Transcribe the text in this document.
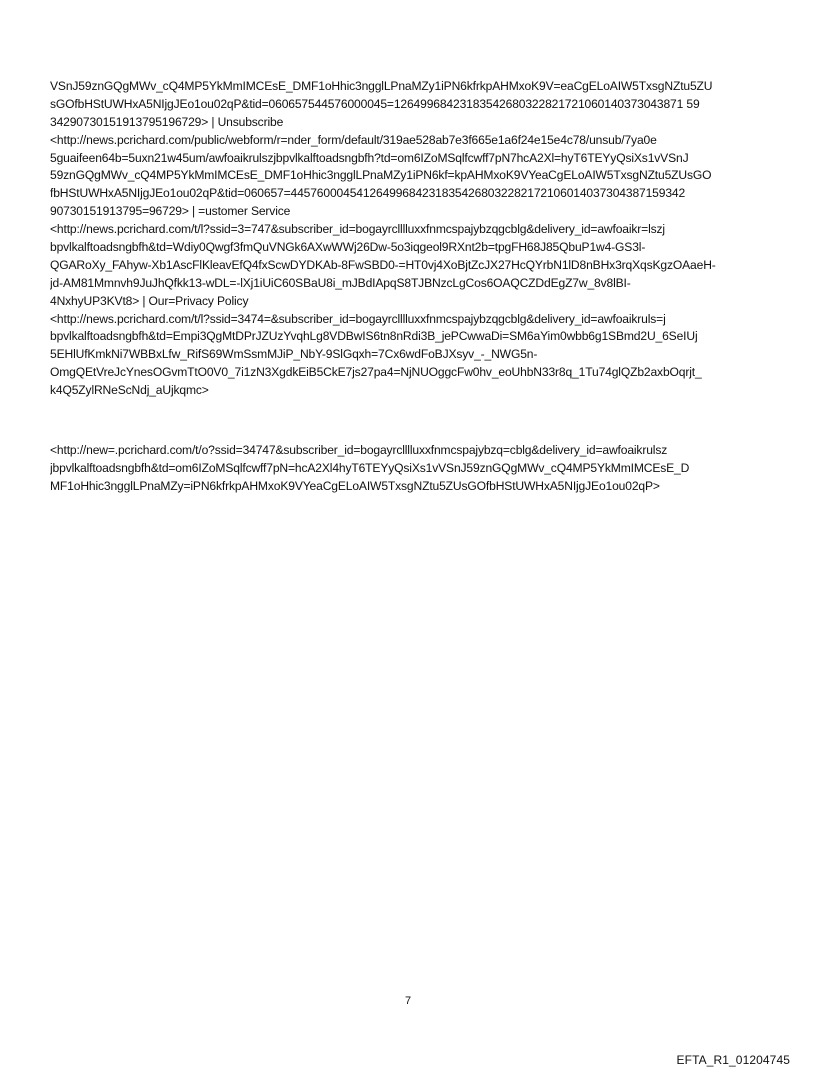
VSnJ59znGQgMWv_cQ4MP5YkMmIMCEsE_DMF1oHhic3ngglLPnaMZy1iPN6kfrkpAHMxoK9V=eaCgELoAIW5TxsgNZtu5ZU
sGOfbHStUWHxA5NIjgJEo1ou02qP&tid=060657544576000045=12649968423183542680322821721060140373043871 59
34290730151913795196729> | Unsubscribe
<http://news.pcrichard.com/public/webform/r=nder_form/default/319ae528ab7e3f665e1a6f24e15e4c78/unsub/7ya0e
5guaifeen64b=5uxn21w45um/awfoaikrulszjbpvlkalftoadsngbfh?td=om6IZoMSqlfcwff7pN7hcA2Xl=hyT6TEYyQsiXs1vVSnJ
59znGQgMWv_cQ4MP5YkMmIMCEsE_DMF1oHhic3ngglLPnaMZy1iPN6kf=kpAHMxoK9VYeaCgELoAIW5TxsgNZtu5ZUsGO
fbHStUWHxA5NIjgJEo1ou02qP&tid=060657=445760004541264996842318354268032282172106014037304387159342
90730151913795=96729> | =ustomer Service
<http://news.pcrichard.com/t/l?ssid=3=747&subscriber_id=bogayrclllluxxfnmcspajybzqgcblg&delivery_id=awfoaikr=lszj
bpvlkalftoadsngbfh&td=Wdiy0Qwgf3fmQuVNGk6AXwWWj26Dw-5o3iqgeol9RXnt2b=tpgFH68J85QbuP1w4-GS3l-
QGARoXy_FAhyw-Xb1AscFlKleavEfQ4fxScwDYDKAb-8FwSBD0-=HT0vj4XoBjtZcJX27HcQYrbN1lD8nBHx3rqXqsKgzOAaeH-
jd-AM81Mmnvh9JuJhQfkk13-wDL=-lXj1iUiC60SBaU8i_mJBdIApqS8TJBNzcLgCos6OAQCZDdEgZ7w_8v8lBI-
4NxhyUP3KVt8> | Our=Privacy Policy
<http://news.pcrichard.com/t/l?ssid=3474=&subscriber_id=bogayrclllluxxfnmcspajybzqgcblg&delivery_id=awfoaikruls=j
bpvlkalftoadsngbfh&td=Empi3QgMtDPrJZUzYvqhLg8VDBwIS6tn8nRdi3B_jePCwwaDi=SM6aYim0wbb6g1SBmd2U_6SeIUj
5EHlUfKmkNi7WBBxLfw_RifS69WmSsmMJiP_NbY-9SlGqxh=7Cx6wdFoBJXsyv_-_NWG5n-
OmgQEtVreJcYnesOGvmTtO0V0_7i1zN3XgdkEiB5CkE7js27pa4=NjNUOggcFw0hv_eoUhbN33r8q_1Tu74glQZb2axbOqrjt_
k4Q5ZylRNeScNdj_aUjkqmc>
<http://new=.pcrichard.com/t/o?ssid=34747&subscriber_id=bogayrclllluxxfnmcspajybzq=cblg&delivery_id=awfoaikrulsz
jbpvlkalftoadsngbfh&td=om6IZoMSqlfcwff7pN=hcA2Xl4hyT6TEYyQsiXs1vVSnJ59znGQgMWv_cQ4MP5YkMmIMCEsE_D
MF1oHhic3ngglLPnaMZy=iPN6kfrkpAHMxoK9VYeaCgELoAIW5TxsgNZtu5ZUsGOfbHStUWHxA5NIjgJEo1ou02qP>
7
EFTA_R1_01204745
